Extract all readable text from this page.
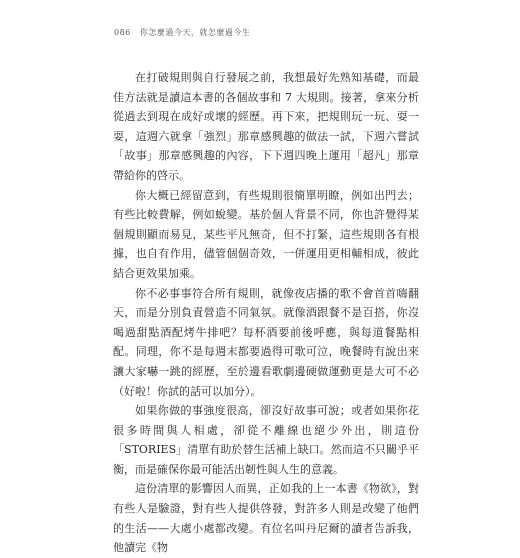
086 你怎麼過今天，就怎麼過今生

在打破規則與自行發展之前，我想最好先熟知基礎，而最佳方法就是讀這本書的各個故事和 7 大規則。接著，拿來分析從過去到現在成好或壞的經歷。再下來，把規則玩一玩、耍一耍，這週六就拿「強烈」那章感興趣的做法一試，下週六嘗試「故事」那章感興趣的內容，下下週四晚上運用「超凡」那章帶給你的啓示。

你大概已經留意到，有些規則很簡單明瞭，例如出門去；有些比較費解，例如蛻變。基於個人背景不同，你也許覺得某個規則顯而易見，某些平凡無奇，但不打緊，這些規則各有根據，也自有作用，儘管個個奇效，一併運用更相輔相成，彼此結合更效果加乘。

你不必事事符合所有規則，就像夜店播的歌不會首首嗨翻天，而是分別負責營造不同氣氛。就像酒跟餐不是百搭，你沒喝過甜點酒配烤牛排吧？每杯酒要前後呼應，與每道餐點相配。同理，你不是每週末都要過得可歌可泣，晚餐時有說出來讓大家嚇一跳的經歷，至於邊看歌劇邊硬做運動更是大可不必（好啦！你試的話可以加分）。

如果你做的事強度很高，卻沒好故事可說；或者如果你花很多時間與人相處，卻從不離線也絕少外出，則這份「STORIES」清單有助於替生活補上缺口。然而這不只關乎平衡，而是確保你最可能活出韌性與人生的意義。

這份清單的影響因人而異，正如我的上一本書《物欲》，對有些人是驗證，對有些人提供啓發，對許多人則是改變了他們的生活——大處小處都改變。有位名叫丹尼爾的讀者告訴我，他讀完《物
